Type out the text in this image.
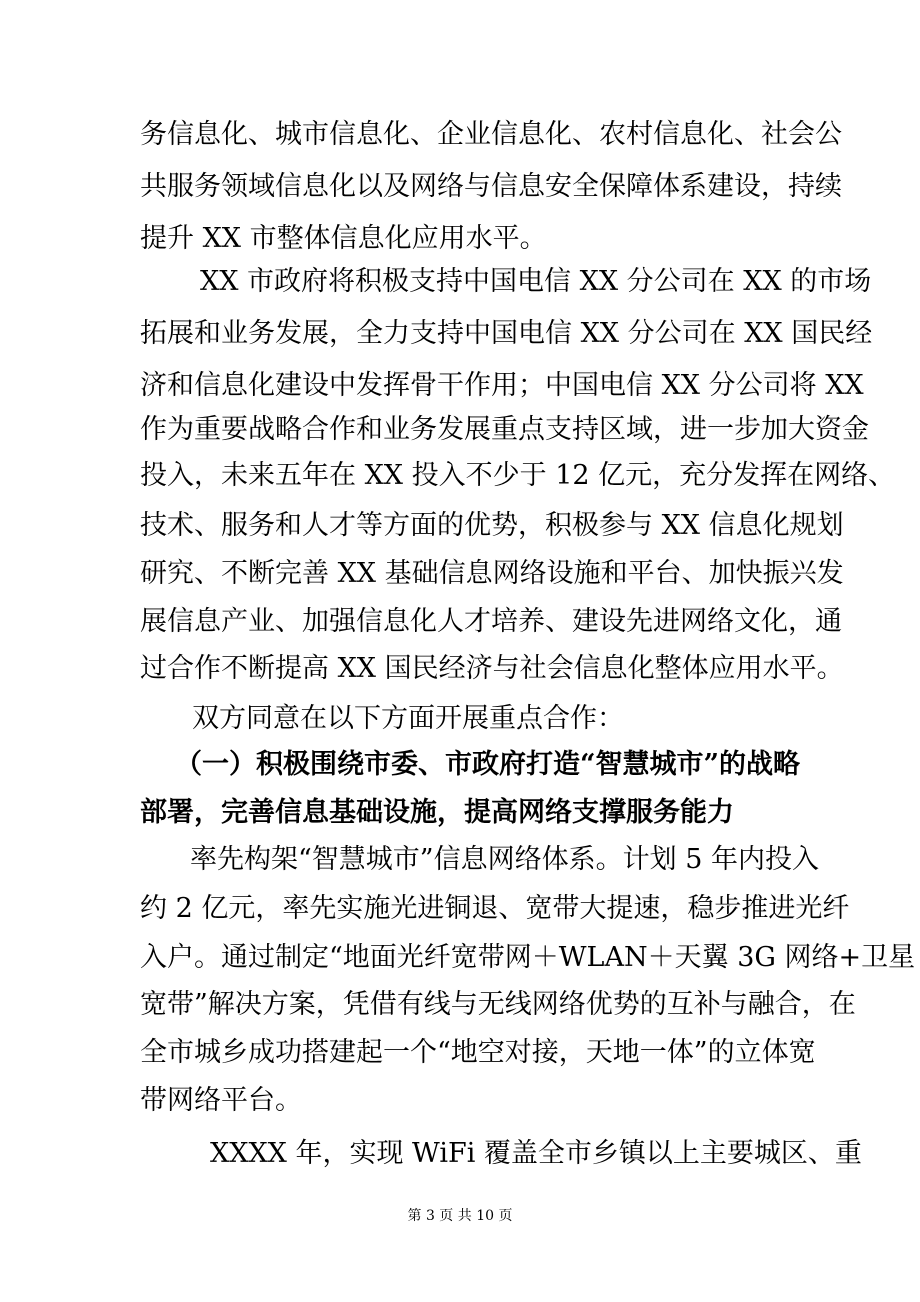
务信息化、城市信息化、企业信息化、农村信息化、社会公
共服务领域信息化以及网络与信息安全保障体系建设，持续
提升 XX 市整体信息化应用水平。
XX 市政府将积极支持中国电信 XX 分公司在 XX 的市场
拓展和业务发展，全力支持中国电信 XX 分公司在 XX 国民经
济和信息化建设中发挥骨干作用；中国电信 XX 分公司将 XX
作为重要战略合作和业务发展重点支持区域，进一步加大资金
投入，未来五年在 XX 投入不少于 12 亿元，充分发挥在网络、
技术、服务和人才等方面的优势，积极参与 XX 信息化规划
研究、不断完善 XX 基础信息网络设施和平台、加快振兴发
展信息产业、加强信息化人才培养、建设先进网络文化，通
过合作不断提高 XX 国民经济与社会信息化整体应用水平。
双方同意在以下方面开展重点合作：
（一）积极围绕市委、市政府打造“智慧城市”的战略
部署，完善信息基础设施，提高网络支撑服务能力
率先构架“智慧城市”信息网络体系。计划 5 年内投入
约 2 亿元，率先实施光进铜退、宽带大提速，稳步推进光纤
入户。通过制定“地面光纤宽带网＋WLAN＋天翼 3G 网络+卫星
宽带”解决方案，凭借有线与无线网络优势的互补与融合，在
全市城乡成功搭建起一个“地空对接，天地一体”的立体宽
带网络平台。
XXXX 年，实现 WiFi 覆盖全市乡镇以上主要城区、重
第 3 页 共 10 页
